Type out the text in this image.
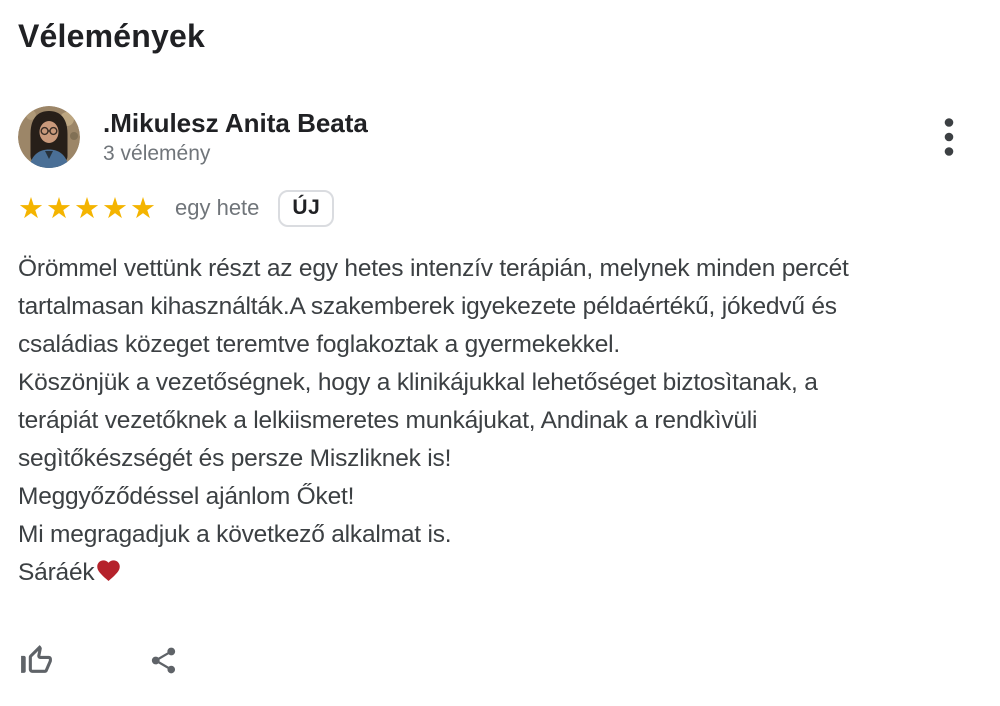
Vélemények
.Mikulesz Anita Beata
3 vélemény
★★★★★ egy hete	ÚJ
Örömmel vettünk részt az egy hetes intenzív terápián, melynek minden percét
tartalmasan kihasználták.A szakemberek igyekezete példaértékű, jókedvű és
családias közeget teremtve foglakoztak a gyermekekkel.
Köszönjük a vezetőségnek, hogy a klinikájukkal lehetőséget biztosìtanak, a
terápiát vezetőknek a lelkiismeretes munkájukat, Andinak a rendkìvüli
segìtőkészségét és persze Miszliknek is!
Meggyőződéssel ajánlom Őket!
Mi megragadjuk a következő alkalmat is.
Sáráék
